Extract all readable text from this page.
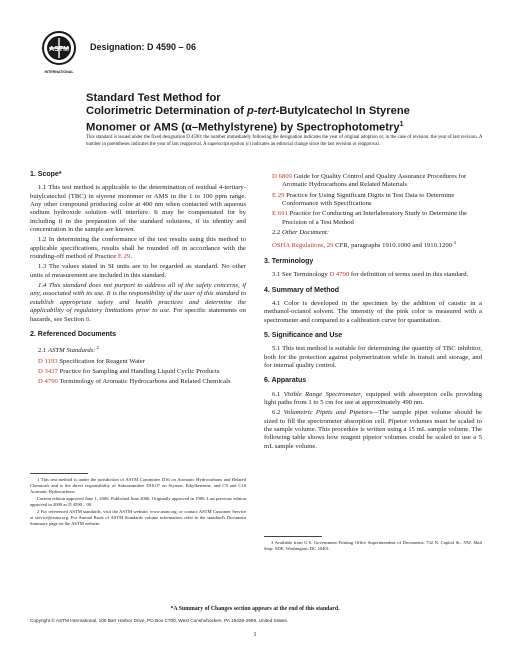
ASTM
INTERNATIONAL
Designation: D 4590 – 06
Standard Test Method for
Colorimetric Determination of p-tert-Butylcatechol In Styrene
Monomer or AMS (α–Methylstyrene) by Spectrophotometry$^1$
This standard is issued under the fixed designation D 4590; the number immediately following the designation indicates the year of original adoption or, in the case of revision, the year of last revision. A number in parentheses indicates the year of last reapproval. A superscript epsilon (ε) indicates an editorial change since the last revision or reapproval.

1. Scope*

1.1 This test method is applicable to the determination of residual 4-tertiary-butylcatechol (TBC) in styrene monomer or AMS in the 1 to 100 ppm range. Any other compound producing color at 490 nm when contacted with aqueous sodium hydroxide solution will interfere. It may be compensated for by including it in the preparation of the standard solutions, if its identity and concentration in the sample are known.

1.2 In determining the conformance of the test results using this method to applicable specifications, results shall be rounded off in accordance with the rounding-off method of Practice E 29.

1.3 The values stated in SI units are to be regarded as standard. No other units of measurement are included in this standard.

1.4 This standard does not purport to address all of the safety concerns, if any, associated with its use. It is the responsibility of the user of this standard to establish appropriate safety and health practices and determine the applicability of regulatory limitations prior to use. For specific statements on hazards, see Section 8.

2. Referenced Documents

2.1 ASTM Standards: $^2$

D 1193 Specification for Reagent Water

D 3437 Practice for Sampling and Handling Liquid Cyclic Products

D 4790 Terminology of Aromatic Hydrocarbons and Related Chemicals

1 This test method is under the jurisdiction of ASTM Committee D16 on Aromatic Hydrocarbons and Related Chemicals and is the direct responsibility of Subcommittee D16.07 on Styrene, Ethylbenzene, and C9 and C10 Aromatic Hydrocarbons.

Current edition approved June 1, 2006. Published June 2006. Originally approved in 1986. Last previous edition approved in 2000 as D 4590 – 00.

2 For referenced ASTM standards, visit the ASTM website, www.astm.org, or contact ASTM Customer Service at service@astm.org. For Annual Book of ASTM Standards volume information, refer to the standard's Document Summary page on the ASTM website.

D 6809 Guide for Quality Control and Quality Assurance Procedures for Aromatic Hydrocarbons and Related Materials

E 29 Practice for Using Significant Digits in Test Data to Determine Conformance with Specifications

E 691 Practice for Conducting an Interlaboratory Study to Determine the Precision of a Test Method

2.2 Other Document:

OSHA Regulations, 29 CFR, paragraphs 1910.1000 and 1910.1200 $^3$

3. Terminology

3.1 See Terminology D 4790 for definition of terms used in this standard.

4. Summary of Method

4.1 Color is developed in the specimen by the addition of caustic in a methanol-octanol solvent. The intensity of the pink color is measured with a spectrometer and compared to a calibration curve for quantitation.

5. Significance and Use

5.1 This test method is suitable for determining the quantity of TBC inhibitor, both for the protection against polymerization while in transit and storage, and for internal quality control.

6. Apparatus

6.1 Visible Range Spectrometer, equipped with absorption cells providing light paths from 1 to 5 cm for use at approximately 490 nm.

6.2 Volumetric Pipets and Pipetors—The sample pipet volume should be sized to fill the spectrometer absorption cell. Pipetor volumes must be scaled to the sample volume. This procedure is written using a 15 mL sample volume. The following table shows how reagent pipetor volumes could be scaled to use a 5 mL sample volume.

3 Available from U.S. Government Printing Office Superintendent of Documents, 732 N. Capitol St., NW, Mail Stop: SDE, Washington, DC 20401.

*A Summary of Changes section appears at the end of this standard.
Copyright © ASTM International, 100 Barr Harbor Drive, PO Box C700, West Conshohocken, PA 19428-2959, United States.
1
